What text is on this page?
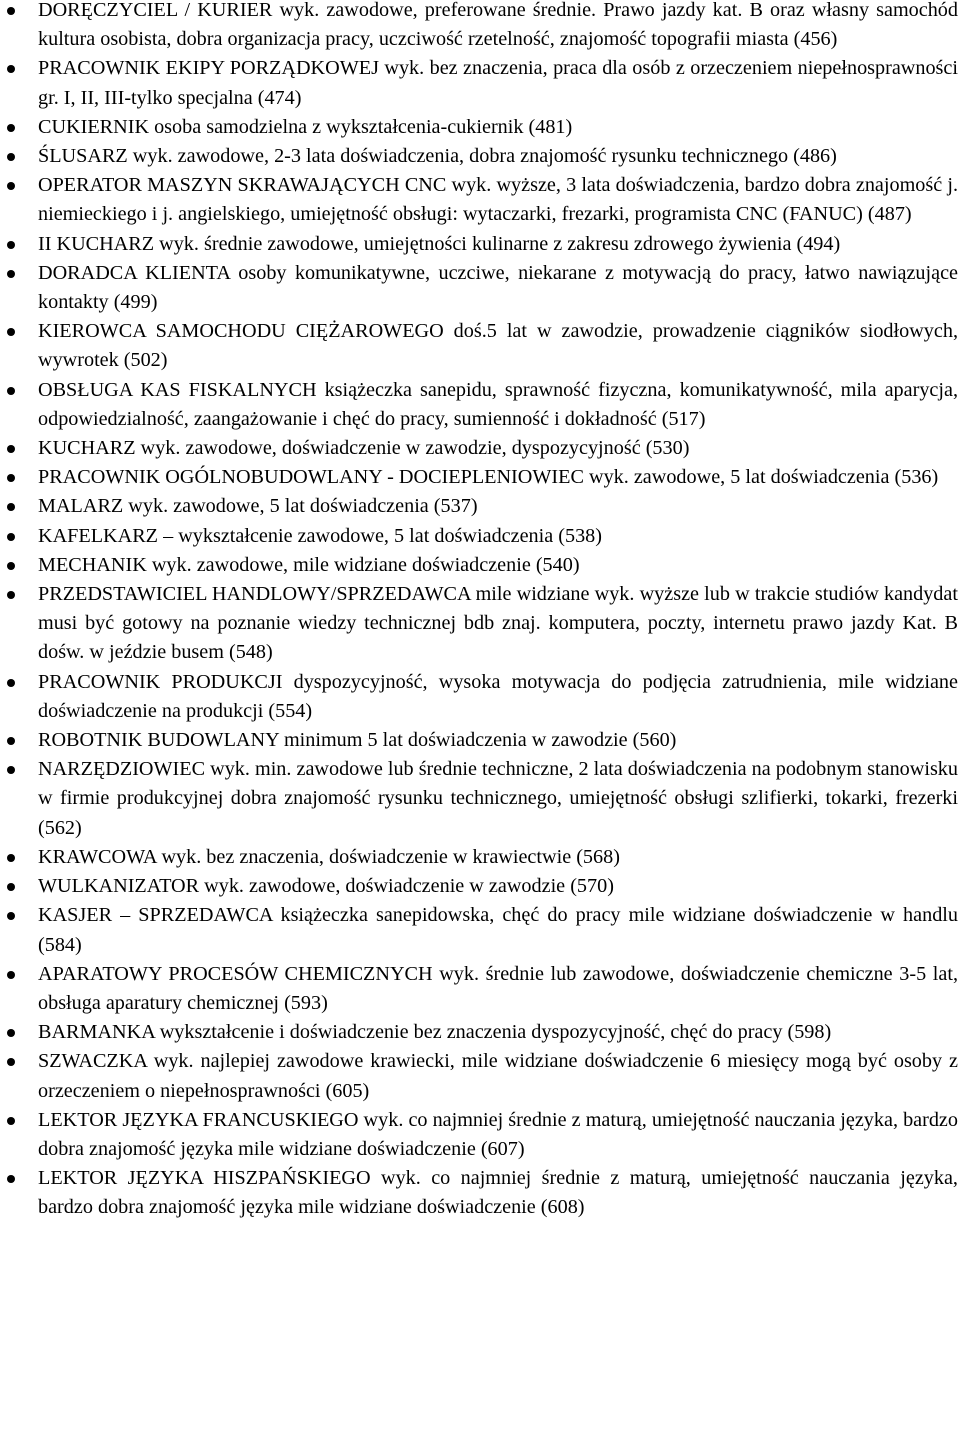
DORĘCZYCIEL / KURIER wyk. zawodowe, preferowane średnie. Prawo jazdy kat. B oraz własny samochód kultura osobista, dobra organizacja pracy, uczciwość rzetelność, znajomość topografii miasta (456)
PRACOWNIK EKIPY PORZĄDKOWEJ wyk. bez znaczenia, praca dla osób z orzeczeniem niepełnosprawności gr. I, II, III-tylko specjalna (474)
CUKIERNIK osoba samodzielna z wykształcenia-cukiernik (481)
ŚLUSARZ wyk. zawodowe, 2-3 lata doświadczenia, dobra znajomość rysunku technicznego (486)
OPERATOR MASZYN SKRAWAJĄCYCH CNC wyk. wyższe, 3 lata doświadczenia, bardzo dobra znajomość j. niemieckiego i j. angielskiego, umiejętność obsługi: wytaczarki, frezarki, programista CNC (FANUC) (487)
II KUCHARZ wyk. średnie zawodowe, umiejętności kulinarne z zakresu zdrowego żywienia (494)
DORADCA KLIENTA osoby komunikatywne, uczciwe, niekarane z motywacją do pracy, łatwo nawiązujące kontakty (499)
KIEROWCA SAMOCHODU CIĘŻAROWEGO doś.5 lat w zawodzie, prowadzenie ciągników siodłowych, wywrotek (502)
OBSŁUGA KAS FISKALNYCH książeczka sanepidu, sprawność fizyczna, komunikatywność, mila aparycja, odpowiedzialność, zaangażowanie i chęć do pracy, sumienność i dokładność (517)
KUCHARZ wyk. zawodowe, doświadczenie w zawodzie, dyspozycyjność (530)
PRACOWNIK OGÓLNOBUDOWLANY - DOCIEPLENIOWIEC wyk. zawodowe, 5 lat doświadczenia (536)
MALARZ wyk. zawodowe, 5 lat doświadczenia (537)
KAFELKARZ – wykształcenie zawodowe, 5 lat doświadczenia (538)
MECHANIK wyk. zawodowe, mile widziane doświadczenie (540)
PRZEDSTAWICIEL HANDLOWY/SPRZEDAWCA mile widziane wyk. wyższe lub w trakcie studiów kandydat musi być gotowy na poznanie wiedzy technicznej bdb znaj. komputera, poczty, internetu prawo jazdy Kat. B dośw. w jeździe busem (548)
PRACOWNIK PRODUKCJI dyspozycyjność, wysoka motywacja do podjęcia zatrudnienia, mile widziane doświadczenie na produkcji (554)
ROBOTNIK BUDOWLANY minimum 5 lat doświadczenia w zawodzie (560)
NARZĘDZIOWIEC wyk. min. zawodowe lub średnie techniczne, 2 lata doświadczenia na podobnym stanowisku w firmie produkcyjnej dobra znajomość rysunku technicznego, umiejętność obsługi szlifierki, tokarki, frezerki (562)
KRAWCOWA wyk. bez znaczenia, doświadczenie w krawiectwie (568)
WULKANIZATOR wyk. zawodowe, doświadczenie w zawodzie (570)
KASJER – SPRZEDAWCA książeczka sanepidowska, chęć do pracy mile widziane doświadczenie w handlu (584)
APARATOWY PROCESÓW CHEMICZNYCH wyk. średnie lub zawodowe, doświadczenie chemiczne 3-5 lat, obsługa aparatury chemicznej (593)
BARMANKA wykształcenie i doświadczenie bez znaczenia dyspozycyjność, chęć do pracy (598)
SZWACZKA wyk. najlepiej zawodowe krawiecki, mile widziane doświadczenie 6 miesięcy mogą być osoby z orzeczeniem o niepełnosprawności (605)
LEKTOR JĘZYKA FRANCUSKIEGO wyk. co najmniej średnie z maturą, umiejętność nauczania języka, bardzo dobra znajomość języka mile widziane doświadczenie (607)
LEKTOR JĘZYKA HISZPAŃSKIEGO wyk. co najmniej średnie z maturą, umiejętność nauczania języka, bardzo dobra znajomość języka mile widziane doświadczenie (608)
